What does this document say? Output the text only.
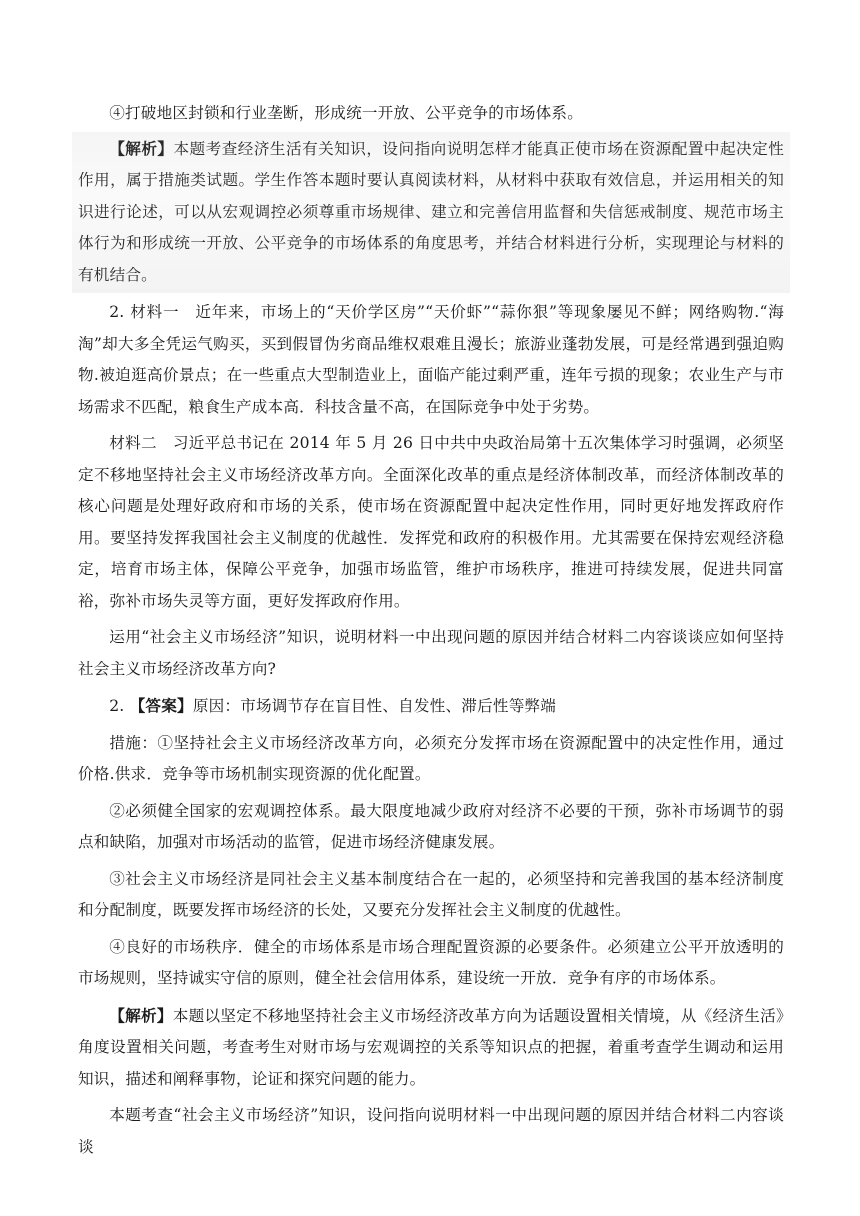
④打破地区封锁和行业垄断，形成统一开放、公平竞争的市场体系。

【解析】本题考查经济生活有关知识，设问指向说明怎样才能真正使市场在资源配置中起决定性作用，属于措施类试题。学生作答本题时要认真阅读材料，从材料中获取有效信息，并运用相关的知识进行论述，可以从宏观调控必须尊重市场规律、建立和完善信用监督和失信惩戒制度、规范市场主体行为和形成统一开放、公平竞争的市场体系的角度思考，并结合材料进行分析，实现理论与材料的有机结合。

2. 材料一 近年来，市场上的“天价学区房”“天价虾”“蒜你狠”等现象屡见不鲜；网络购物.“海淘”却大多全凭运气购买，买到假冒伪劣商品维权艰难且漫长；旅游业蓬勃发展，可是经常遇到强迫购物.被迫逛高价景点；在一些重点大型制造业上，面临产能过剩严重，连年亏损的现象；农业生产与市场需求不匹配，粮食生产成本高．科技含量不高，在国际竞争中处于劣势。

材料二 习近平总书记在 2014 年 5 月 26 日中共中央政治局第十五次集体学习时强调，必须坚定不移地坚持社会主义市场经济改革方向。全面深化改革的重点是经济体制改革，而经济体制改革的核心问题是处理好政府和市场的关系，使市场在资源配置中起决定性作用，同时更好地发挥政府作用。要坚持发挥我国社会主义制度的优越性．发挥党和政府的积极作用。尤其需要在保持宏观经济稳定，培育市场主体，保障公平竞争，加强市场监管，维护市场秩序，推进可持续发展，促进共同富裕，弥补市场失灵等方面，更好发挥政府作用。

运用“社会主义市场经济”知识，说明材料一中出现问题的原因并结合材料二内容谈谈应如何坚持社会主义市场经济改革方向?

2. 【答案】原因：市场调节存在盲目性、自发性、滞后性等弊端

措施：①坚持社会主义市场经济改革方向，必须充分发挥市场在资源配置中的决定性作用，通过价格.供求．竞争等市场机制实现资源的优化配置。

②必须健全国家的宏观调控体系。最大限度地减少政府对经济不必要的干预，弥补市场调节的弱点和缺陷，加强对市场活动的监管，促进市场经济健康发展。

③社会主义市场经济是同社会主义基本制度结合在一起的，必须坚持和完善我国的基本经济制度和分配制度，既要发挥市场经济的长处，又要充分发挥社会主义制度的优越性。

④良好的市场秩序．健全的市场体系是市场合理配置资源的必要条件。必须建立公平开放透明的市场规则，坚持诚实守信的原则，健全社会信用体系，建设统一开放．竞争有序的市场体系。

【解析】本题以坚定不移地坚持社会主义市场经济改革方向为话题设置相关情境，从《经济生活》角度设置相关问题，考查考生对财市场与宏观调控的关系等知识点的把握，着重考查学生调动和运用知识，描述和阐释事物，论证和探究问题的能力。

本题考查“社会主义市场经济”知识，设问指向说明材料一中出现问题的原因并结合材料二内容谈谈
